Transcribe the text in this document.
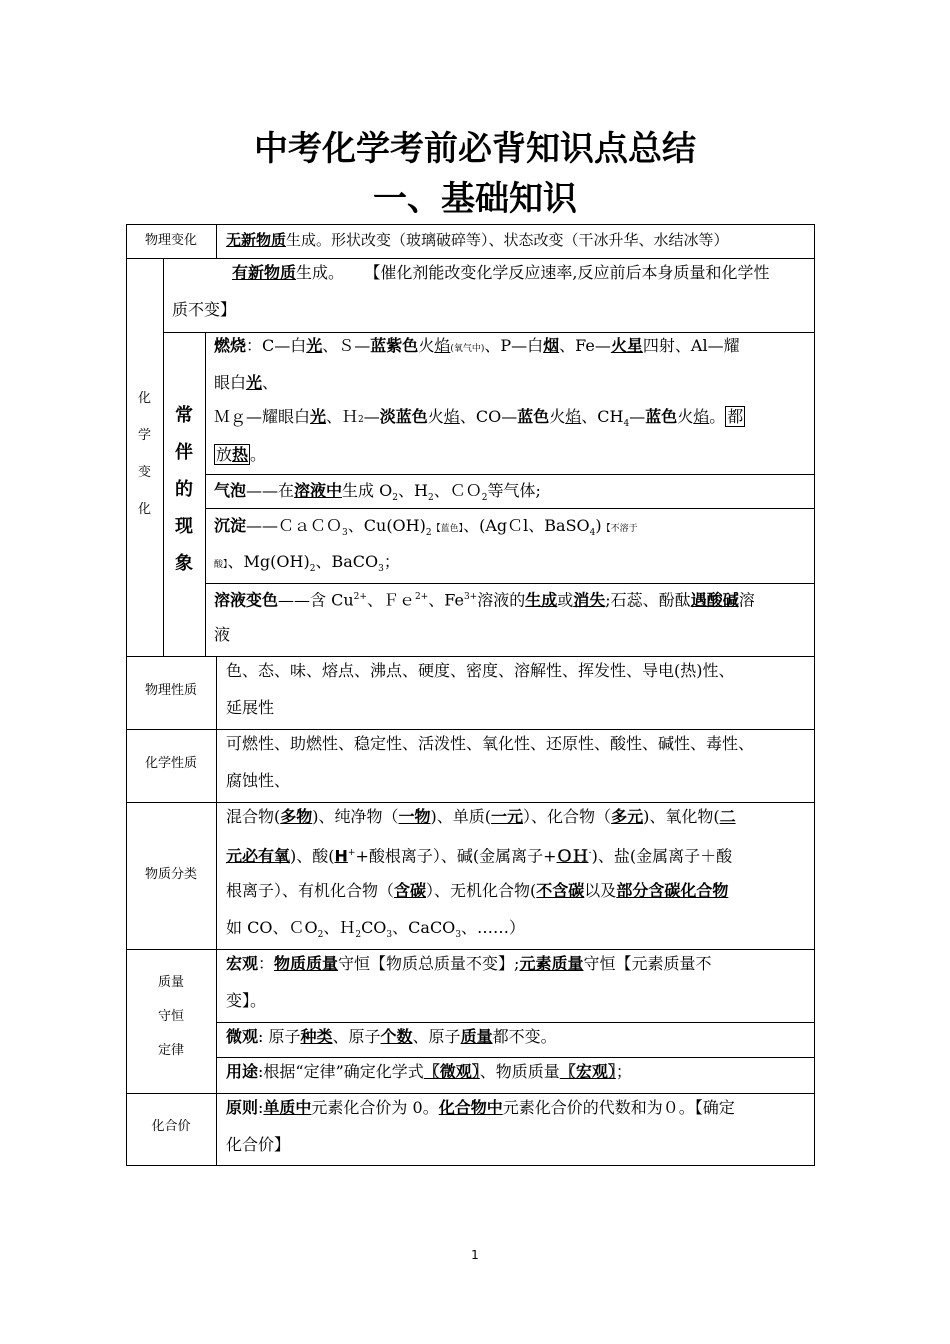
中考化学考前必背知识点总结
一、基础知识
物理变化
化
学
变
化
常
伴
的
现
象
物理性质
化学性质
物质分类
质量
守恒
定律
化合价
无新物质生成。形状改变（玻璃破碎等）、状态改变（干冰升华、水结冰等）
有新物质生成。 【催化剂能改变化学反应速率,反应前后本身质量和化学性
质不变】
燃烧：C—白光、Ｓ—蓝紫色火焰(氧气中)、P—白烟、Fe—火星四射、Al—耀
眼白光、
Ｍｇ—耀眼白光、Ｈ2—淡蓝色火焰、CO—蓝色火焰、$CH_4—$蓝色火焰。 都
放热 。
气泡——在溶液中生成 $O_2$、$H_2$、ＣＯ$_2$等气体;
沉淀——ＣａＣＯ$_3$、$Cu(OH)_2$【蓝色】、(AgＣl、BaSO$_4$)【不溶于
酸】、$Mg(OH)_2$、BaCO$_3$；
溶液变色——含 $Cu^{2+}$、Ｆｅ$^{2+}$、$Fe^{3+}$溶液的生成或消失;石蕊、酚酞遇酸碱溶
液
色、态、味、熔点、沸点、硬度、密度、溶解性、挥发性、导电(热)性、
延展性
可燃性、助燃性、稳定性、活泼性、氧化性、还原性、酸性、碱性、毒性、
腐蚀性、
混合物(多物)、纯净物（一物)、单质(一元）、化合物（多元)、氧化物(二
元必有氧)、酸(H++酸根离子）、碱(金属离子+ＯＨ-)、盐(金属离子＋酸
根离子）、有机化合物（含碳）、无机化合物(不含碳以及部分含碳化合物
如 CO、ＣO$_2$、$H_2CO_3$、CaCO$_3$、……）
宏观：物质质量守恒【物质总质量不变】;元素质量守恒【元素质量不
变】。
微观: 原子种类、原子个数、原子质量都不变。
用途:根据“定律”确定化学式〖微观〗、物质质量〖宏观〗；
原则:单质中元素化合价为 0。化合物中元素化合价的代数和为０。【确定
化合价】
1
